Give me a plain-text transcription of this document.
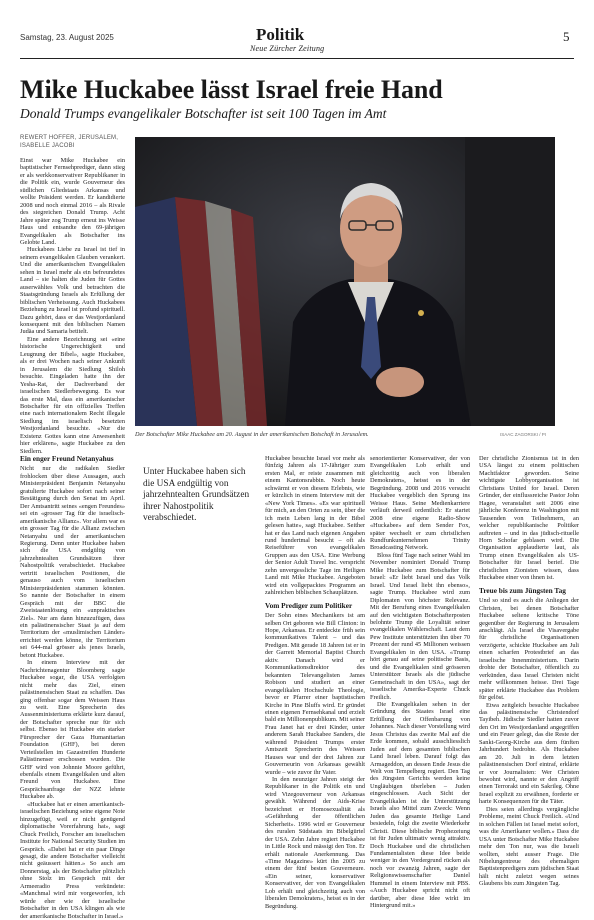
Samstag, 23. August 2025	Politik
Neue Zürcher Zeitung
5
Mike Huckabee lässt Israel freie Hand
Donald Trumps evangelikaler Botschafter ist seit 100 Tagen im Amt
REWERT HOFFER, JERUSALEM,
ISABELLE JACOBI
Der Botschafter Mike Huckabee am 20. August in der amerikanischen Botschaft in Jerusalem.	ISAAC ZAGORSKI / PI

Einst war Mike Huckabee ein baptistischer Fernsehprediger, dann stieg er als werkkonservativer Republikaner in die Politik ein, wurde Gouverneur des südlichen Gliedstaats Arkansas und wollte Präsident werden. Er kandidierte 2008 und noch einmal 2016 – als Rivale des siegreichen Donald Trump. Acht Jahre später zog Trump erneut ins Weisse Haus und entsandte den 69-jährigen Evangelikalen als Botschafter ins Gelobte Land.

Huckabees Liebe zu Israel ist tief in seinem evangelikalen Glauben verankert. Und die amerikanischen Evangelikalen sehen in Israel mehr als ein befreundetes Land – sie halten die Juden für Gottes auserwähltes Volk und betrachten die Staatsgründung Israels als Erfüllung der biblischen Verheissung. Auch Huckabees Beziehung zu Israel ist profund spirituell. Dazu gehört, dass er das Westjordanland konsequent mit den biblischen Namen Judäa und Samaria betitelt.

Eine andere Bezeichnung sei «eine historische Ungerechtigkeit und Leugnung der Bibel», sagte Huckabee, als er drei Wochen nach seiner Ankunft in Jerusalem die Siedlung Shiloh besuchte. Eingeladen hatte ihn der Yesha-Rat, der Dachverband der israelischen Siedlerbewegung. Es war das erste Mal, dass ein amerikanischer Botschafter für ein offizielles Treffen eine nach internationalem Recht illegale Siedlung im israelisch besetzten Westjordanland besuchte. «Nur die Existenz Gottes kann eine Anwesenheit hier erklären», sagte Huckabee zu den Siedlern.

Ein enger Freund Netanyahus

Nicht nur die radikalen Siedler frohlocken über diese Aussagen, auch Ministerpräsident Benjamin Netanyahu gratulierte Huckabee sofort nach seiner Bestätigung durch den Senat im April. Der Amtsantritt seines «engen Freundes» sei ein «grosser Tag für die israelisch-amerikanische Allianz». Vor allem war es ein grosser Tag für die Allianz zwischen Netanyahu und der amerikanischen Regierung. Denn unter Huckabee haben sich die USA endgültig von jahrzehntealten Grundsätzen ihrer Nahostpolitik verabschiedet. Huckabee vertritt israelischen Positionen, die genauso auch vom israelischen Ministerpräsidenten stammen könnten. So nannte der Botschafter in einem Gespräch mit der BBC die Zweistaatenlösung ein «unpraktisches Ziel». Nur am dann hinzuzufügen, dass ein palästinensischer Staat ja auf dem Territorium der «muslimischen Länder» errichtet werden könne, ihr Territorium sei 644-mal grösser als jenes Israels, betont Huckabee.

In einem Interview mit der Nachrichtenagentur Bloomberg sagte Huckabee sogar, die USA verfolgten nicht mehr das Ziel, einen palästinensischen Staat zu schaffen. Das ging offenbar sogar dem Weissen Haus zu weit. Eine Sprecherin des Aussenministeriums erklärte kurz darauf, der Botschafter spreche nur für sich selbst. Ebenso ist Huckabee ein starker Fürsprecher der Gaza Humanitarian Foundation (GHF), bei deren Verteilstellen im Gazastreifen Hunderte Palästinenser erschossen wurden. Die GHF wird von Johnnie Moore geführt, ebenfalls einem Evangelikalen und alten Freund von Huckabee. Eine Gesprächsanfrage der NZZ lehnte Huckabee ab.

«Huckabee hat er einen amerikanisch-israelischen Beziehung seine eigene Note hinzugefügt, weil er nicht genügend diplomatische Vorerfahrung hat», sagt Chuck Freilich, Forscher am israelischen Institute for National Security Studien im Gespräch. «Dabei hat er ein paar Dinge gesagt, die andere Botschafter vielleicht nicht geäussert hätten.» So auch am Donnerstag, als der Botschafter plötzlich ohne Stolz im Gespräch mit der Armeeradio Press verkündete: «Manchmal wird mir vorgeworfen, ich würde eher wie der israelische Botschafter in den USA klingen als wie der amerikanische Botschafter in Israel.»

Unter Huckabee haben sich die USA endgültig von jahrzehntealten Grundsätzen ihrer Nahostpolitik verabschiedet.

Huckabee besuchte Israel vor mehr als fünfzig Jahren als 17-Jähriger zum ersten Mal, er reiste zusammen mit einem Kantonsrabbin. Noch heute schwärmt er von diesem Erlebnis, wie er kürzlich in einem Interview mit der «New York Times». «Es war spirituell für mich, an den Orten zu sein, über die ich mein Leben lang in der Bibel gelesen hatte», sagt Huckabee. Seither hat er das Land nach eigenen Angaben rund hundertmal besucht – oft als Reiseführer von evangelikalen Gruppen aus den USA. Eine Werbung der Senior Adult Travel Inc. verspricht zehn unvergessliche Tage im Heiligen Land mit Mike Huckabee. Angeboten wird ein vollgepacktes Programm an zahlreichen biblischen Schauplätzen.

Vom Prediger zum Politiker

Der Sohn eines Mechanikers ist am selben Ort geboren wie Bill Clinton: in Hope, Arkansas. Er entdeckte früh sein kommunikatives Talent – und das Predigen. Mit gerade 18 Jahren ist er in der Garrett Memorial Baptist Church aktiv. Danach wird er Kommunikationsdirektor des bekannten Televangelisten James Robison und studiert an einer evangelikalen Hochschule Theologie, bevor er Pfarrer einer baptistischen Kirche in Pine Bluffs wird. Er gründet einen eigenen Fernsehkanal und erzielt bald ein Millionenpublikum. Mit seiner Frau Janet hat er drei Kinder, unter anderem Sarah Huckabee Sanders, die während Präsident Trumps erster Amtszeit Sprecherin des Weissen Hauses war und der drei Jahren zur Gouverneurin von Arkansas gewählt wurde – wie zuvor ihr Vater.

In den neunziger Jahren steigt der Republikaner in die Politik ein und wird Vizegouverneur von Arkansas gewählt. Während der Aids-Krise bezeichnet er Homosexualität als «Gefährdung der öffentlichen Sicherheit». 1996 wird er Gouverneur des ruralen Südstaats im Bibelgürtel der USA. Zehn Jahre regiert Huckabee in Little Rock und mässigt den Ton. Er erhält nationale Anerkennung. Das «Time Magazine» kürt ihn 2005 zu einem der fünf besten Gouverneure. «Ein seiner, konservativer Konservativer, der von Evangelikalen Lob erhält und gleichzeitig auch von liberalen Demokraten», heisst es in der Begründung.

senorientierter Konservativer, der von Evangelikalen Lob erhält und gleichzeitig auch von liberalen Demokraten», heisst es in der Begründung. 2008 und 2016 versucht Huckabee vergeblich den Sprung ins Weisse Haus. Seine Medienkarriere verläuft derweil ordentlich: Er startet 2008 eine eigene Radio-Show «Huckabee» auf dem Sender Fox, später wechselt er zum christlichen Rundfunkunternehmen Trinity Broadcasting Network.

Bloss fünf Tage nach seiner Wahl im November nominiert Donald Trump Mike Huckabee zum Botschafter für Israel: «Er liebt Israel und das Volk Israel. Und Israel liebt ihn ebenso», sagte Trump. Huckabee wird zum Diplomaten von höchster Relevanz. Mit der Berufung eines Evangelikalen auf den wichtigsten Botschafterposten belohnte Trump die Loyalität seiner evangelikalen Wählerschaft. Laut dem Pew Institute unterstützten ihn über 70 Prozent der rund 45 Millionen weissen Evangelikalen in den USA. «Trump hört genau auf seine politische Basis, und die Evangelikalen sind grösseren Unterstützer Israels als die jüdische Gemeinschaft in den USA», sagt der israelische Amerika-Experte Chuck Freilich.

Die Evangelikalen sehen in der Gründung des Staates Israel eine Erfüllung der Offenbarung von Johannes. Nach dieser Vorstellung wird Jesus Christus das zweite Mal auf die Erde kommen, sobald ausschliesslich Juden auf dem gesamten biblischen Land Israel leben. Darauf folgt das Armageddon, an dessen Ende Jesus die Welt von Tempelberg regiert. Den Tag des Jüngsten Gerichts werden keine Ungläubigen überleben – Juden eingeschlossen. Auch Sicht der Evangelikalen ist die Unterstützung Israels also Mittel zum Zweck: Wenn Juden das gesamte Heilige Land besiedeln, folgt die zweite Wiederkehr Christi. Diese biblische Prophezeiung ist für Juden ultimativ wenig attraktiv. Doch Huckabee und die christlichen Fundamentalisten diese Idee beide weniger in den Vordergrund rücken als noch vor zwanzig Jahren, sagte der Religionswissenschafter Daniel Hummel in einem Interview mit PBS. «Auch Huckabee spricht nicht oft darüber, aber diese Idee wirkt im Hintergrund mit.»

Der christliche Zionismus ist in den USA längst zu einem politischen Machtfaktor geworden. Seine wichtigste Lobbyorganisation ist Christians United for Israel. Deren Gründer, der einflussreiche Pastor John Hagee, veranstaltet seit 2006 eine jährliche Konferenz in Washington mit Tausenden von Teilnehmern, an welcher republikanische Politiker auftreten – und in das jüdisch-rituelle Horn Schofar geblasen wird. Die Organisation applaudierte laut, als Trump einen Evangelikalen als US-Botschafter für Israel berief. Die christlichen Zionisten wissen, dass Huckabee einer von ihnen ist.

Treue bis zum Jüngsten Tag

Und so sind es auch die Anliegen der Christen, bei denen Botschafter Huckabee seltene kritische Töne gegenüber der Regierung in Jerusalem anschlägt. Als Israel die Visavergabe für christliche Organisationen verzögerte, schickte Huckabee am Juli einen scharfen Protestbrief an das israelische Innenministerium. Darin drohte der Botschafter, öffentlich zu verkünden, dass Israel Christen nicht mehr willkommen heisse. Drei Tage später erklärte Huckabee das Problem für gelöst.

Etwa zeitgleich besuchte Huckabee das palästinensische Christendorf Tayibeh. Jüdische Siedler hatten zuvor den Ort im Westjordanland angegriffen und ein Feuer gelegt, das die Reste der Sankt-Georg-Kirche aus dem fünften Jahrhundert bedrohte. Als Huckabee am 20. Juli in dem letzten palästinensischen Dorf eintraf, erklärte er vor Journalisten: Wer Christen bewohnt wird, nannte er den Angriff einen Terrorakt und ein Sakrileg. Ohne Israel explizit zu erwähnen, forderte er harte Konsequenzen für die Täter.

Dies seien allerdings vergängliche Probleme, meint Chuck Freilich. «Und in solchen Fällen ist Israel meist sofort, was die Amerikaner wollen.» Dass die USA unter Botschafter Mike Huckabee mehr den Ton nur, was die Israeli wollten, steht ausser Frage. Die Nibelungentreue des ehemaligen Baptistenpredigers zum jüdischen Staat hält nicht zuletzt wegen seines Glaubens bis zum Jüngsten Tag.
